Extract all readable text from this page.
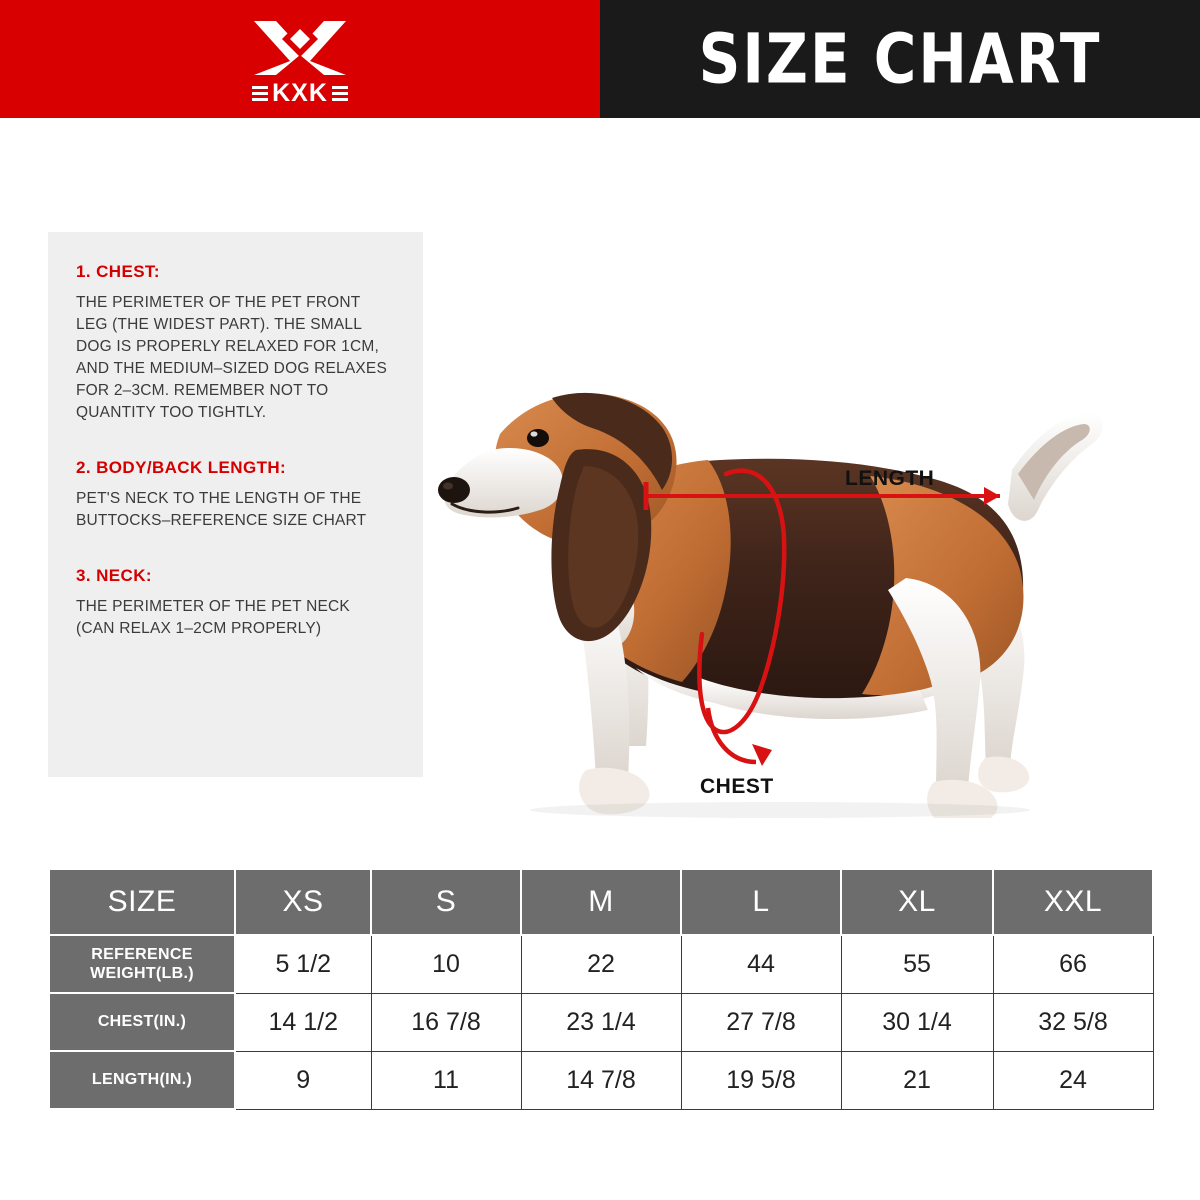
KXK	SIZE CHART
1. CHEST:
THE PERIMETER OF THE PET FRONT LEG (THE WIDEST PART). THE SMALL DOG IS PROPERLY RELAXED FOR 1CM, AND THE MEDIUM–SIZED DOG RELAXES FOR 2–3CM. REMEMBER NOT TO QUANTITY TOO TIGHTLY.
2. BODY/BACK LENGTH:
PET'S NECK TO THE LENGTH OF THE BUTTOCKS–REFERENCE SIZE CHART
3. NECK:
THE PERIMETER OF THE PET NECK (CAN RELAX 1–2CM PROPERLY)
LENGTH
CHEST
SIZE	XS	S	M	L	XL	XXL
REFERENCE
WEIGHT(LB.)	5 1/2	10	22	44	55	66
CHEST(IN.)	14 1/2	16 7/8	23 1/4	27 7/8	30 1/4	32 5/8
LENGTH(IN.)	9	11	14 7/8	19 5/8	21	24
